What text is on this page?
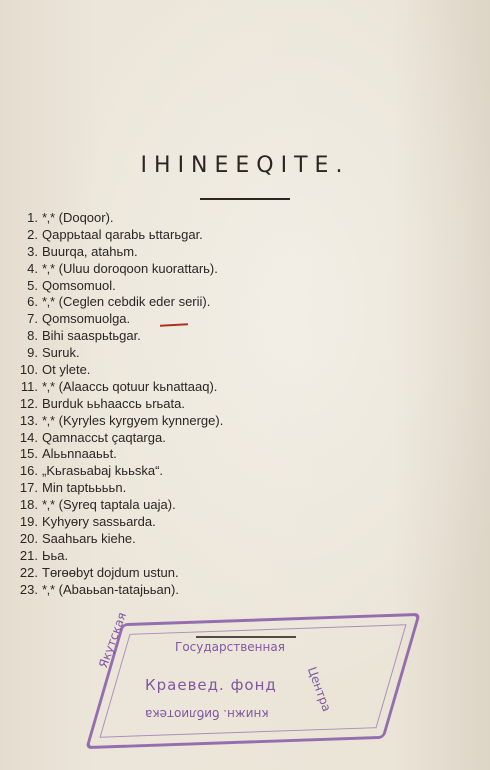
IHINEEQITE.
1. *‚* (Doqoor).
2. Qappьtaal qarabь ьttarьgar.
3. Buurqa, atahьm.
4. *‚* (Uluu doroqoon kuorattarь).
5. Qomsomuol.
6. *‚* (Ceglen cebdik eder serii).
7. Qomsomuolga.
8. Bihi saaspьtьgar.
9. Suruk.
10. Ot ylete.
11. *‚* (Alaaccь qotuur kьnattaaq).
12. Burduk ььhaaccь ьrьata.
13. *‚* (Kyryles kyrgyөm kynnerge).
14. Qamnaccьt çaqtarga.
15. Alььnnaaььt.
16. „Kьrasьabaj kььska“.
17. Min taptььььn.
18. *‚* (Syreq taptala uaja).
19. Kyhyөry sassьarda.
20. Saahьarь kiehe.
21. Ььa.
22. Tөrөөbyt dojdum ustun.
23. *‚* (Abaььan-tatajььan).
Государственная
Краевед. фонд
Якутская
Центра
книжн. библиотека
